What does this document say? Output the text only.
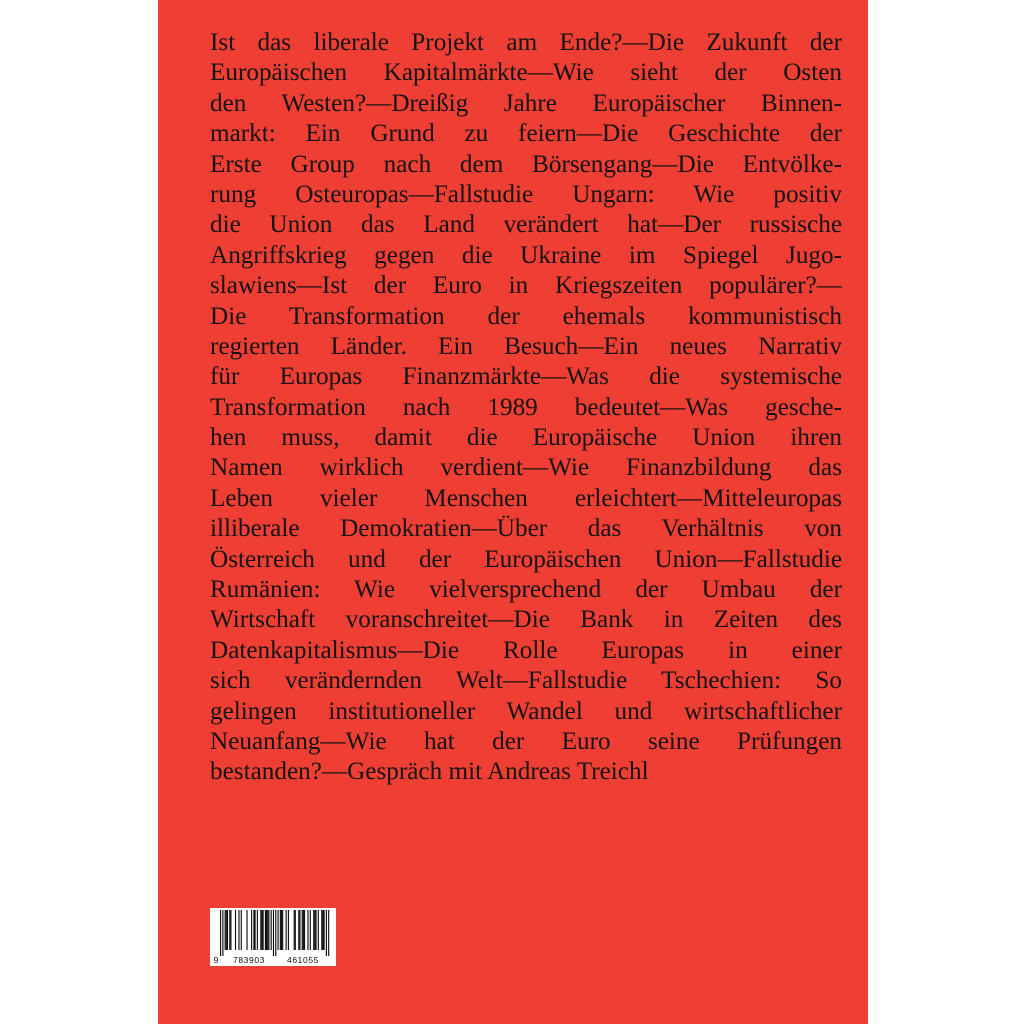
Ist das liberale Projekt am Ende?—Die Zukunft der
Europäischen Kapitalmärkte—Wie sieht der Osten
den Westen?—Dreißig Jahre Europäischer Binnen-
markt: Ein Grund zu feiern—Die Geschichte der
Erste Group nach dem Börsengang—Die Entvölke-
rung Osteuropas—Fallstudie Ungarn: Wie positiv
die Union das Land verändert hat—Der russische
Angriffskrieg gegen die Ukraine im Spiegel Jugo-
slawiens—Ist der Euro in Kriegszeiten populärer?—
Die Transformation der ehemals kommunistisch
regierten Länder. Ein Besuch—Ein neues Narrativ
für Europas Finanzmärkte—Was die systemische
Transformation nach 1989 bedeutet—Was gesche-
hen muss, damit die Europäische Union ihren
Namen wirklich verdient—Wie Finanzbildung das
Leben vieler Menschen erleichtert—Mitteleuropas
illiberale Demokratien—Über das Verhältnis von
Österreich und der Europäischen Union—Fallstudie
Rumänien: Wie vielversprechend der Umbau der
Wirtschaft voranschreitet—Die Bank in Zeiten des
Datenkapitalismus—Die Rolle Europas in einer
sich verändernden Welt—Fallstudie Tschechien: So
gelingen institutioneller Wandel und wirtschaftlicher
Neuanfang—Wie hat der Euro seine Prüfungen
bestanden?—Gespräch mit Andreas Treichl

9	783903	461055
